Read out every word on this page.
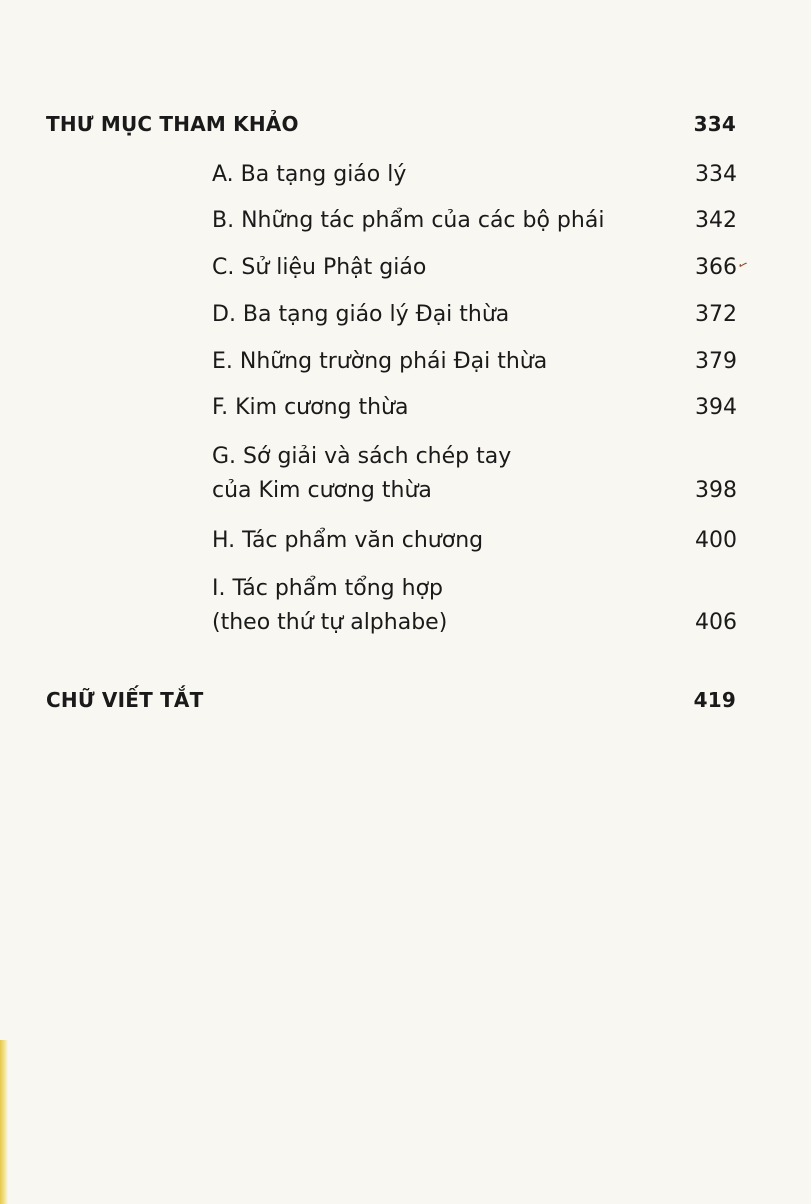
THƯ MỤC THAM KHẢO	334
A. Ba tạng giáo lý	334
B. Những tác phẩm của các bộ phái	342
C. Sử liệu Phật giáo	366
✓
D. Ba tạng giáo lý Đại thừa	372
E. Những trường phái Đại thừa	379
F. Kim cương thừa	394
G. Sớ giải và sách chép tay
của Kim cương thừa	398
H. Tác phẩm văn chương	400
I. Tác phẩm tổng hợp
(theo thứ tự alphabe)	406
CHỮ VIẾT TẮT	419
